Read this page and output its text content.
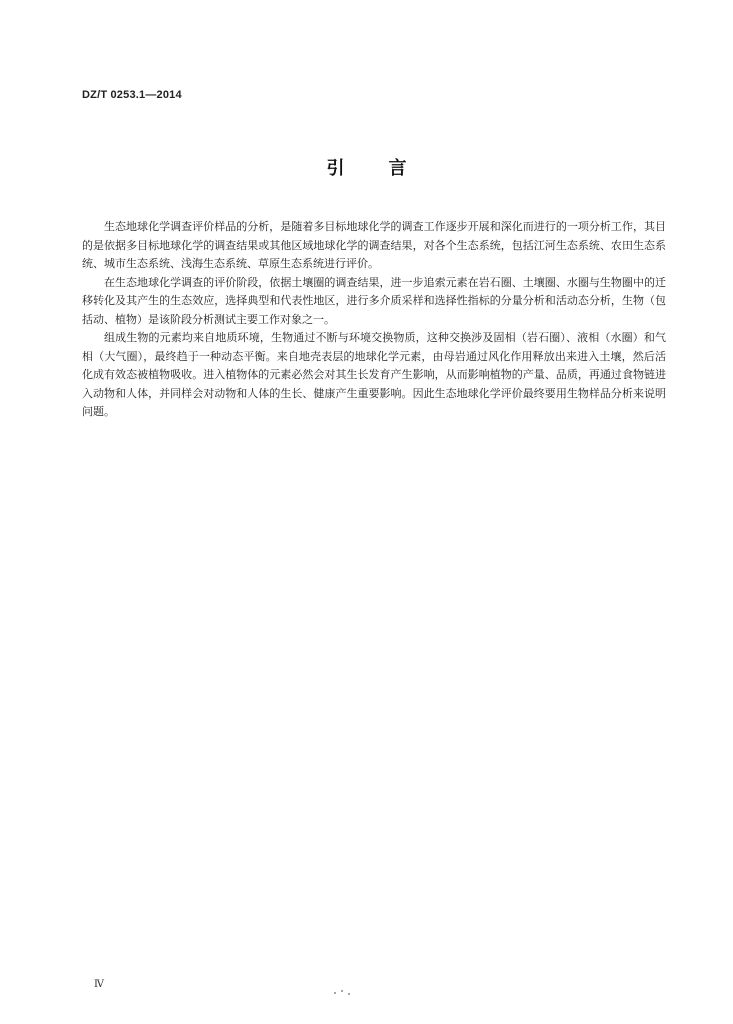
DZ/T 0253.1—2014
引言

生态地球化学调查评价样品的分析，是随着多目标地球化学的调查工作逐步开展和深化而进行的一项分析工作，其目的是依据多目标地球化学的调查结果或其他区域地球化学的调查结果，对各个生态系统，包括江河生态系统、农田生态系统、城市生态系统、浅海生态系统、草原生态系统进行评价。

在生态地球化学调查的评价阶段，依据土壤圈的调查结果，进一步追索元素在岩石圈、土壤圈、水圈与生物圈中的迁移转化及其产生的生态效应，选择典型和代表性地区，进行多介质采样和选择性指标的分量分析和活动态分析，生物（包括动、植物）是该阶段分析测试主要工作对象之一。

组成生物的元素均来自地质环境，生物通过不断与环境交换物质，这种交换涉及固相（岩石圈）、液相（水圈）和气相（大气圈），最终趋于一种动态平衡。来自地壳表层的地球化学元素，由母岩通过风化作用释放出来进入土壤，然后活化成有效态被植物吸收。进入植物体的元素必然会对其生长发育产生影响，从而影响植物的产量、品质，再通过食物链进入动物和人体，并同样会对动物和人体的生长、健康产生重要影响。因此生态地球化学评价最终要用生物样品分析来说明问题。

Ⅳ
